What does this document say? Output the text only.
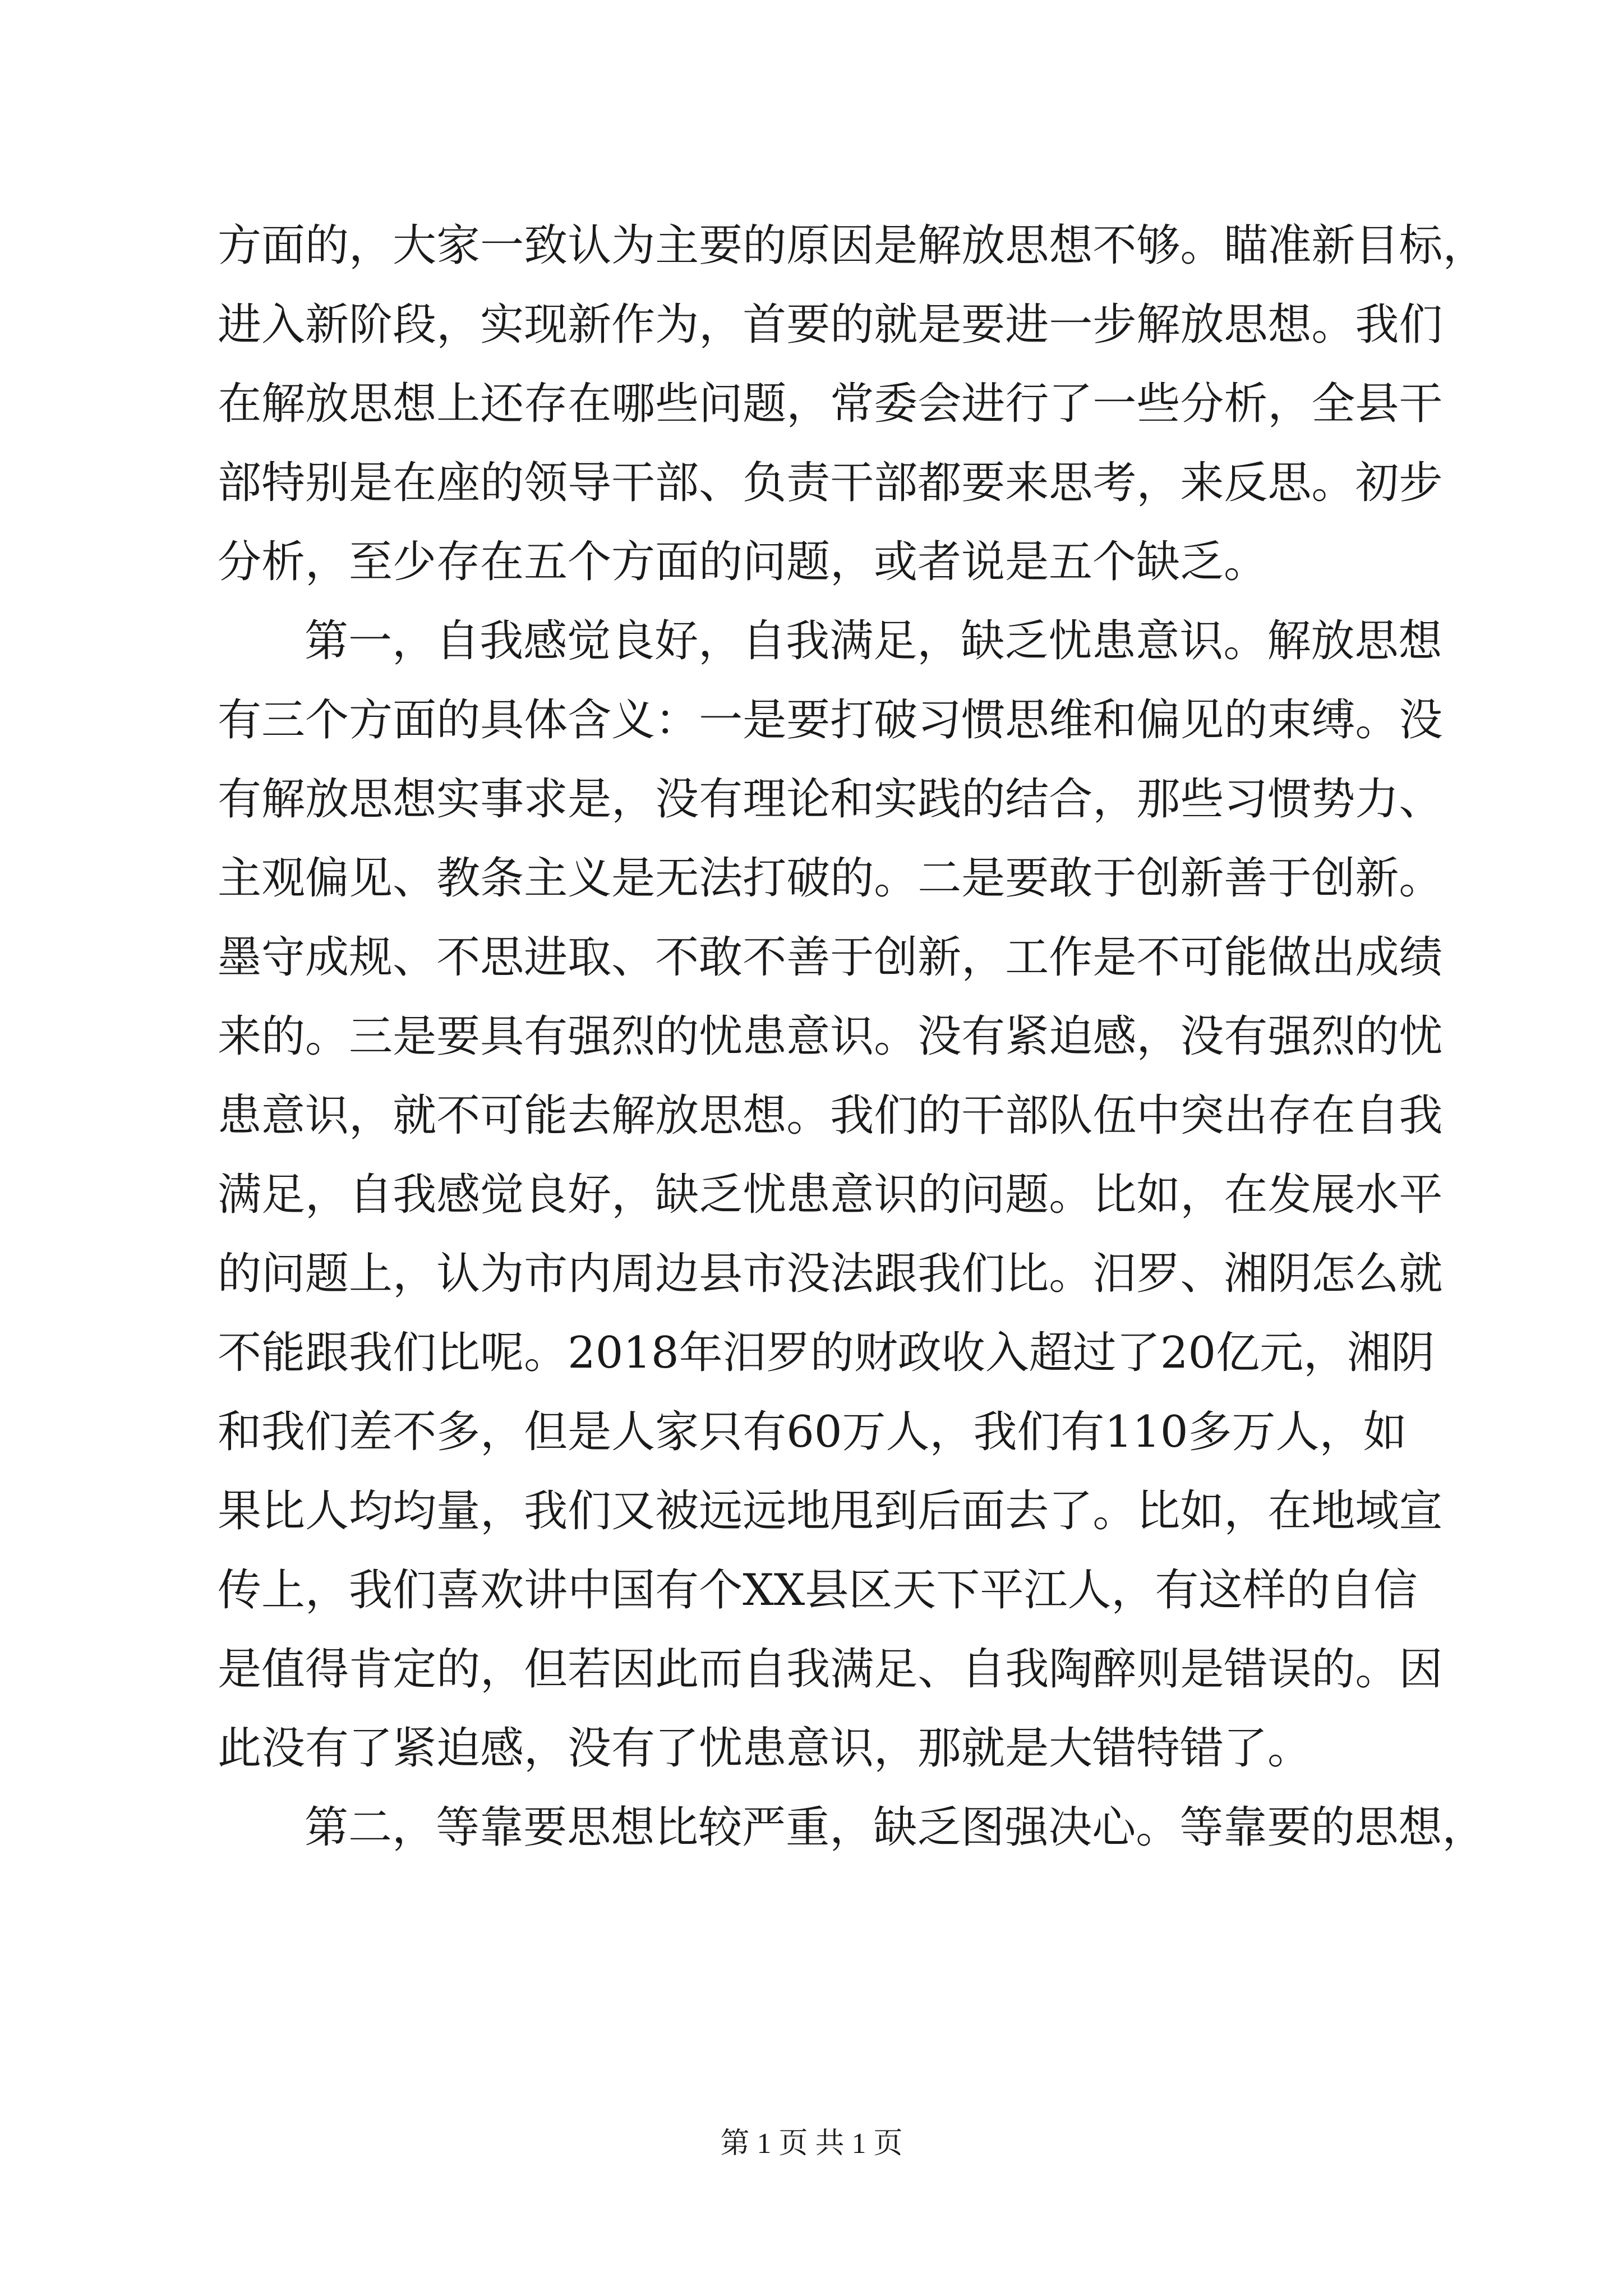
方 面 的 ， 大 家 一 致 认 为 主 要 的 原 因 是 解 放 思 想 不 够 。 瞄 准 新 目 标 ，
进 入 新 阶 段 ， 实 现 新 作 为 ， 首 要 的 就 是 要 进 一 步 解 放 思 想 。 我 们
在 解 放 思 想 上 还 存 在 哪 些 问 题 ， 常 委 会 进 行 了 一 些 分 析 ， 全 县 干
部 特 别 是 在 座 的 领 导 干 部 、 负 责 干 部 都 要 来 思 考 ， 来 反 思 。 初 步
分析，至少存在五个方面的问题，或者说是五个缺乏。
第 一 ， 自 我 感 觉 良 好 ， 自 我 满 足 ， 缺 乏 忧 患 意 识 。 解 放 思 想
有 三 个 方 面 的 具 体 含 义 ： 一 是 要 打 破 习 惯 思 维 和 偏 见 的 束 缚 。 没
有 解 放 思 想 实 事 求 是 ， 没 有 理 论 和 实 践 的 结 合 ， 那 些 习 惯 势 力 、
主 观 偏 见 、 教 条 主 义 是 无 法 打 破 的 。 二 是 要 敢 于 创 新 善 于 创 新 。
墨 守 成 规 、 不 思 进 取 、 不 敢 不 善 于 创 新 ， 工 作 是 不 可 能 做 出 成 绩
来 的 。 三 是 要 具 有 强 烈 的 忧 患 意 识 。 没 有 紧 迫 感 ， 没 有 强 烈 的 忧
患 意 识 ， 就 不 可 能 去 解 放 思 想 。 我 们 的 干 部 队 伍 中 突 出 存 在 自 我
满 足 ， 自 我 感 觉 良 好 ， 缺 乏 忧 患 意 识 的 问 题 。 比 如 ， 在 发 展 水 平
的 问 题 上 ， 认 为 市 内 周 边 县 市 没 法 跟 我 们 比 。 汨 罗 、 湘 阴 怎 么 就
不 能 跟 我 们 比 呢 。 2018 年 汨 罗 的 财 政 收 入 超 过 了 20 亿 元 ， 湘 阴
和 我 们 差 不 多 ， 但 是 人 家 只 有 60 万 人 ， 我 们 有 110 多 万 人 ， 如
果 比 人 均 均 量 ， 我 们 又 被 远 远 地 甩 到 后 面 去 了 。 比 如 ， 在 地 域 宣
传 上 ， 我 们 喜 欢 讲 中 国 有 个 XX 县 区 天 下 平 江 人 ， 有 这 样 的 自 信
是 值 得 肯 定 的 ， 但 若 因 此 而 自 我 满 足 、 自 我 陶 醉 则 是 错 误 的 。 因
此没有了紧迫感，没有了忧患意识，那就是大错特错了。
第 二 ， 等 靠 要 思 想 比 较 严 重 ， 缺 乏 图 强 决 心 。 等 靠 要 的 思 想 ，
第 1 页 共 1 页
